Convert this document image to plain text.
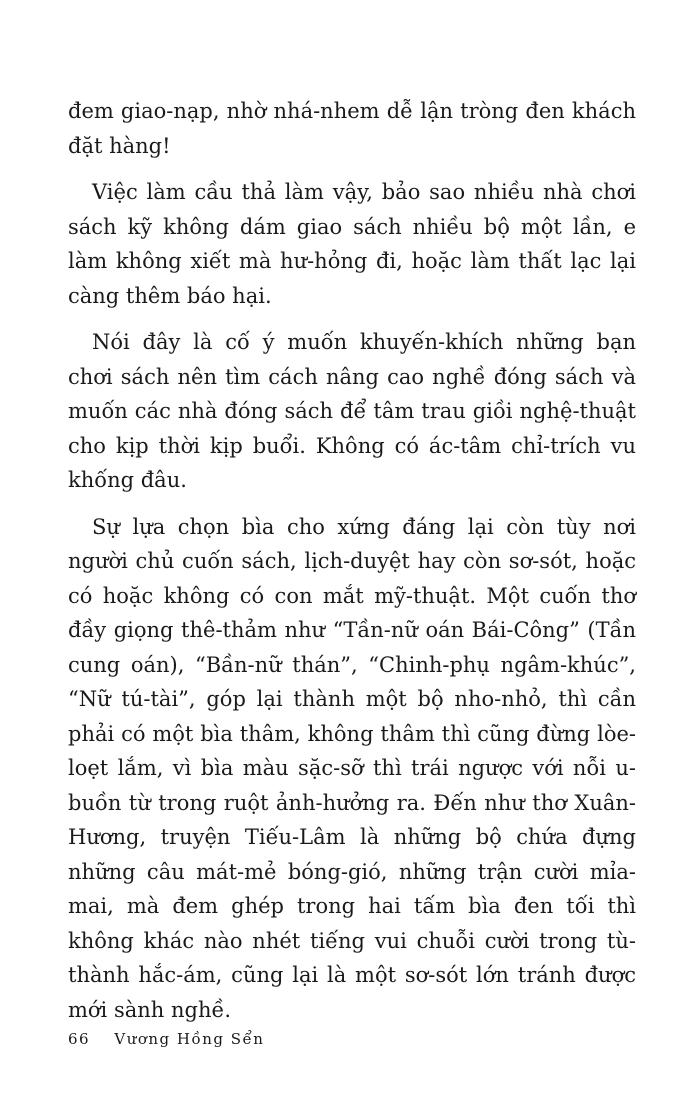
đem giao-nạp, nhờ nhá-nhem dễ lận tròng đen khách đặt hàng!

Việc làm cầu thả làm vậy, bảo sao nhiều nhà chơi sách kỹ không dám giao sách nhiều bộ một lần, e làm không xiết mà hư-hỏng đi, hoặc làm thất lạc lại càng thêm báo hại.

Nói đây là cố ý muốn khuyến-khích những bạn chơi sách nên tìm cách nâng cao nghề đóng sách và muốn các nhà đóng sách để tâm trau giồi nghệ-thuật cho kịp thời kịp buổi. Không có ác-tâm chỉ-trích vu khống đâu.

Sự lựa chọn bìa cho xứng đáng lại còn tùy nơi người chủ cuốn sách, lịch-duyệt hay còn sơ-sót, hoặc có hoặc không có con mắt mỹ-thuật. Một cuốn thơ đầy giọng thê-thảm như “Tần-nữ oán Bái-Công” (Tần cung oán), “Bần-nữ thán”, “Chinh-phụ ngâm-khúc”, “Nữ tú-tài”, góp lại thành một bộ nho-nhỏ, thì cần phải có một bìa thâm, không thâm thì cũng đừng lòe-loẹt lắm, vì bìa màu sặc-sỡ thì trái ngược với nỗi u-buồn từ trong ruột ảnh-hưởng ra. Đến như thơ Xuân-Hương, truyện Tiếu-Lâm là những bộ chứa đựng những câu mát-mẻ bóng-gió, những trận cười mỉa-mai, mà đem ghép trong hai tấm bìa đen tối thì không khác nào nhét tiếng vui chuỗi cười trong tù-thành hắc-ám, cũng lại là một sơ-sót lớn tránh được mới sành nghề.

66 Vương Hồng Sển
